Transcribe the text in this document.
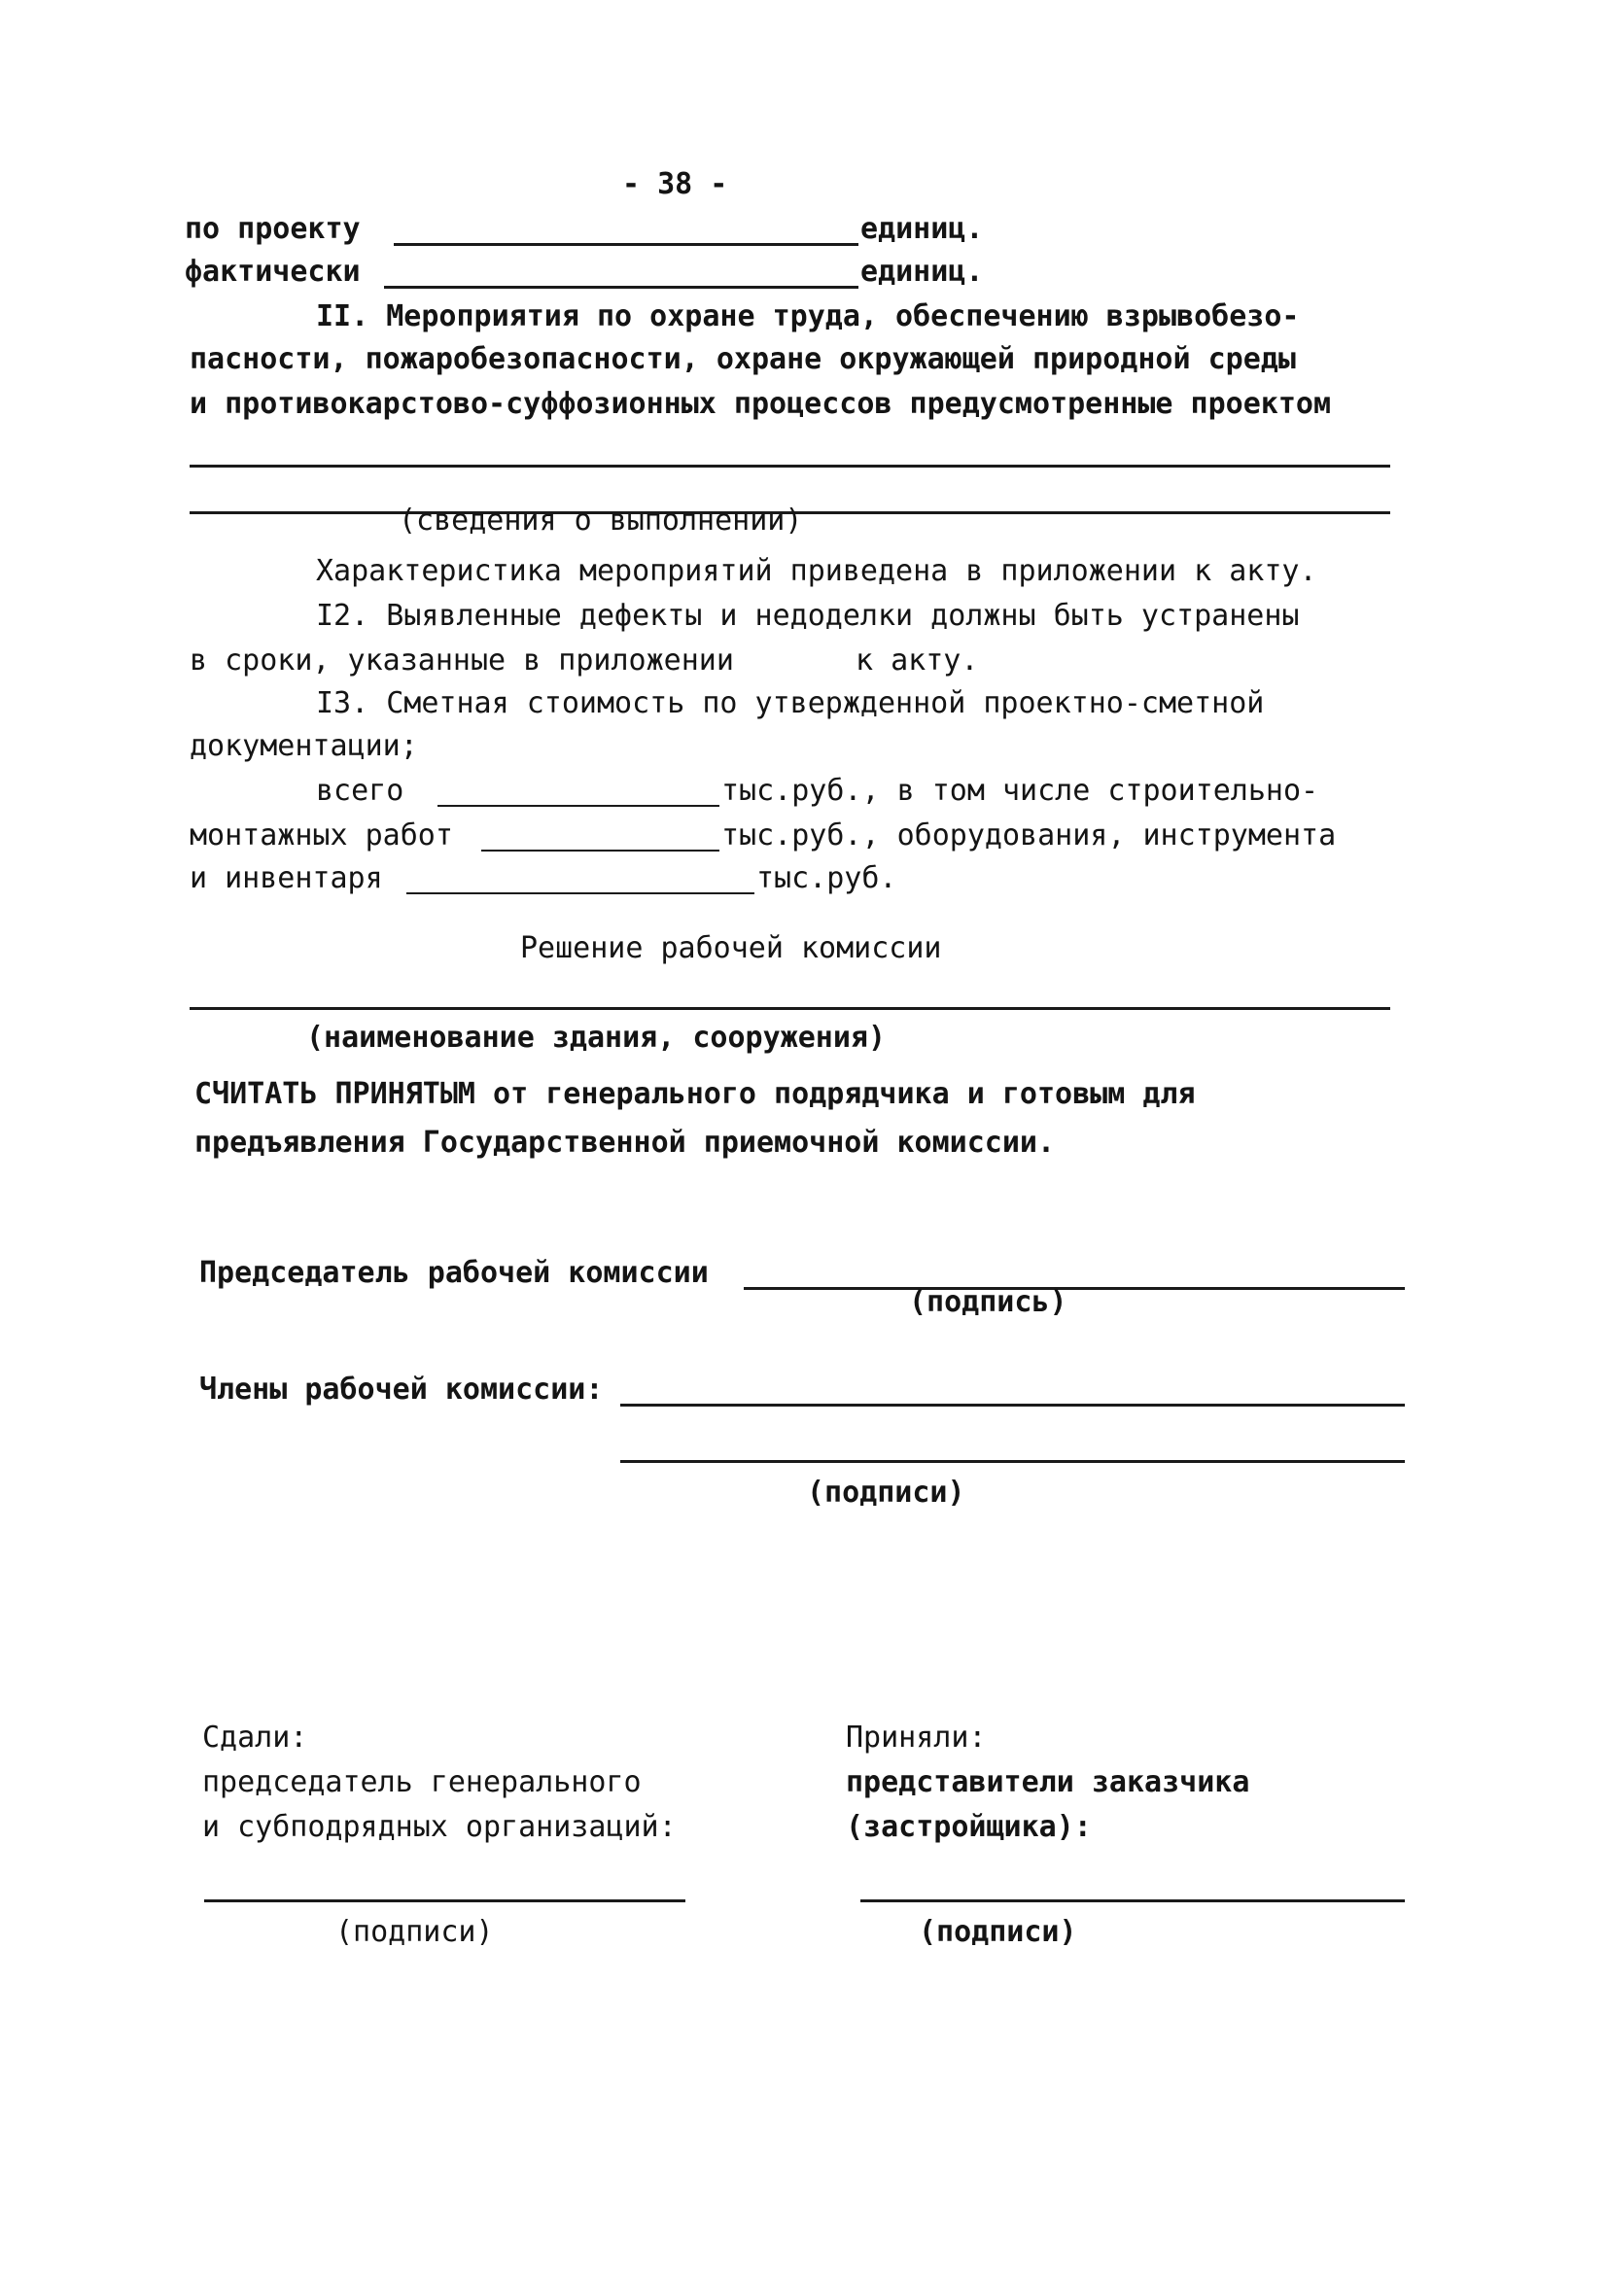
- 38 -
по проекту	единиц.
фактически	единиц.
II. Мероприятия по охране труда, обеспечению взрывобезо-
пасности, пожаробезопасности, охране окружающей природной среды
и противокарстово-суффозионных процессов предусмотренные проектом
(сведения о выполнении)
Характеристика мероприятий приведена в приложении к акту.
I2. Выявленные дефекты и недоделки должны быть устранены
в сроки, указанные в приложении	к акту.
I3. Сметная стоимость по утвержденной проектно-сметной
документации;
всего	тыс.руб., в том числе строительно-
монтажных работ	тыс.руб., оборудования, инструмента
и инвентаря	тыс.руб.
Решение рабочей комиссии
(наименование здания, сооружения)
СЧИТАТЬ ПРИНЯТЫМ от генерального подрядчика и готовым для
предъявления Государственной приемочной комиссии.
Председатель рабочей комиссии
(подпись)
Члены рабочей комиссии:
(подписи)
Сдали:
председатель генерального
и субподрядных организаций:
(подписи)
Приняли:
представители заказчика
(застройщика):
(подписи)
